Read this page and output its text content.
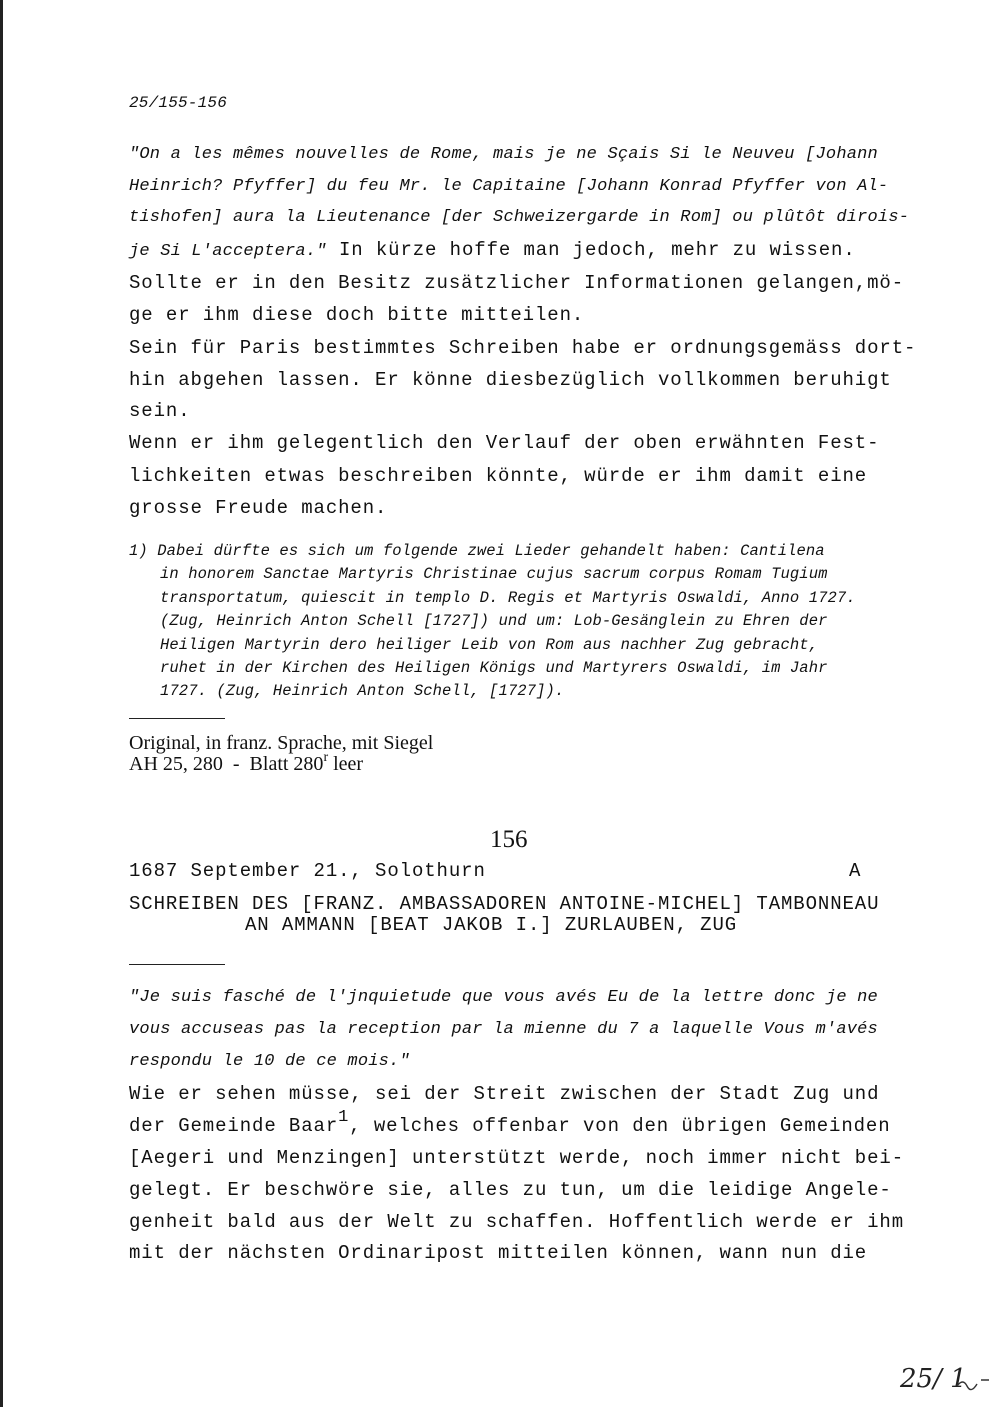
25/155-156
"On a les mêmes nouvelles de Rome, mais je ne Sçais Si le Neuveu [Johann
Heinrich? Pfyffer] du feu Mr. le Capitaine [Johann Konrad Pfyffer von Al-
tishofen] aura la Lieutenance [der Schweizergarde in Rom] ou plûtôt dirois-
je Si L'acceptera." In kürze hoffe man jedoch, mehr zu wissen.
Sollte er in den Besitz zusätzlicher Informationen gelangen,mö-
ge er ihm diese doch bitte mitteilen.
Sein für Paris bestimmtes Schreiben habe er ordnungsgemäss dort-
hin abgehen lassen. Er könne diesbezüglich vollkommen beruhigt
sein.
Wenn er ihm gelegentlich den Verlauf der oben erwähnten Fest-
lichkeiten etwas beschreiben könnte, würde er ihm damit eine
grosse Freude machen.
1) Dabei dürfte es sich um folgende zwei Lieder gehandelt haben: Cantilena
in honorem Sanctae Martyris Christinae cujus sacrum corpus Romam Tugium
transportatum, quiescit in templo D. Regis et Martyris Oswaldi, Anno 1727.
(Zug, Heinrich Anton Schell [1727]) und um: Lob-Gesänglein zu Ehren der
Heiligen Martyrin dero heiliger Leib von Rom aus nachher Zug gebracht,
ruhet in der Kirchen des Heiligen Königs und Martyrers Oswaldi, im Jahr
1727. (Zug, Heinrich Anton Schell, [1727]).
Original, in franz. Sprache, mit Siegel
AH 25, 280  -  Blatt 280$^r$ leer
156
1687 September 21., Solothurn	A
SCHREIBEN DES [FRANZ. AMBASSADOREN ANTOINE-MICHEL] TAMBONNEAU
AN AMMANN [BEAT JAKOB I.] ZURLAUBEN, ZUG
"Je suis fasché de l'jnquietude que vous avés Eu de la lettre donc je ne
vous accuseas pas la reception par la mienne du 7 a laquelle Vous m'avés
respondu le 10 de ce mois."
Wie er sehen müsse, sei der Streit zwischen der Stadt Zug und
der Gemeinde Baar1, welches offenbar von den übrigen Gemeinden
[Aegeri und Menzingen] unterstützt werde, noch immer nicht bei-
gelegt. Er beschwöre sie, alles zu tun, um die leidige Angele-
genheit bald aus der Welt zu schaffen. Hoffentlich werde er ihm
mit der nächsten Ordinaripost mitteilen können, wann nun die
25/ 1
